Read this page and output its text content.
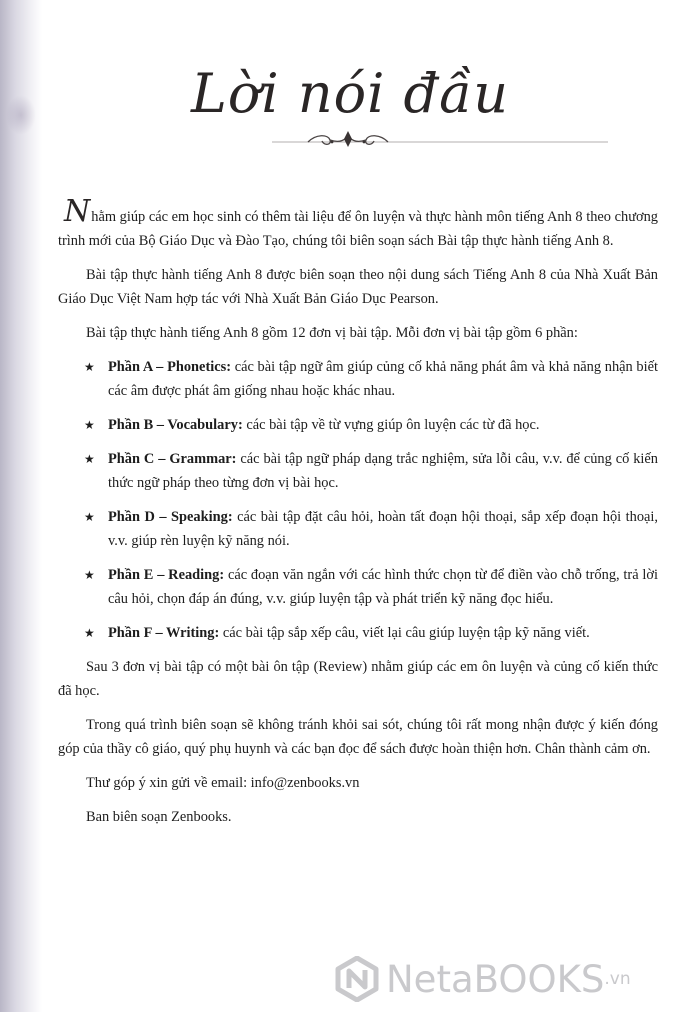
Lời nói đầu

Nhằm giúp các em học sinh có thêm tài liệu để ôn luyện và thực hành môn tiếng Anh 8 theo chương trình mới của Bộ Giáo Dục và Đào Tạo, chúng tôi biên soạn sách Bài tập thực hành tiếng Anh 8.

Bài tập thực hành tiếng Anh 8 được biên soạn theo nội dung sách Tiếng Anh 8 của Nhà Xuất Bản Giáo Dục Việt Nam hợp tác với Nhà Xuất Bản Giáo Dục Pearson.

Bài tập thực hành tiếng Anh 8 gồm 12 đơn vị bài tập. Mỗi đơn vị bài tập gồm 6 phần:

★ Phần A – Phonetics: các bài tập ngữ âm giúp củng cố khả năng phát âm và khả năng nhận biết các âm được phát âm giống nhau hoặc khác nhau.
★ Phần B – Vocabulary: các bài tập về từ vựng giúp ôn luyện các từ đã học.
★ Phần C – Grammar: các bài tập ngữ pháp dạng trắc nghiệm, sửa lỗi câu, v.v. để củng cố kiến thức ngữ pháp theo từng đơn vị bài học.
★ Phần D – Speaking: các bài tập đặt câu hỏi, hoàn tất đoạn hội thoại, sắp xếp đoạn hội thoại, v.v. giúp rèn luyện kỹ năng nói.
★ Phần E – Reading: các đoạn văn ngắn với các hình thức chọn từ để điền vào chỗ trống, trả lời câu hỏi, chọn đáp án đúng, v.v. giúp luyện tập và phát triển kỹ năng đọc hiểu.
★ Phần F – Writing: các bài tập sắp xếp câu, viết lại câu giúp luyện tập kỹ năng viết.

Sau 3 đơn vị bài tập có một bài ôn tập (Review) nhằm giúp các em ôn luyện và củng cố kiến thức đã học.

Trong quá trình biên soạn sẽ không tránh khỏi sai sót, chúng tôi rất mong nhận được ý kiến đóng góp của thầy cô giáo, quý phụ huynh và các bạn đọc để sách được hoàn thiện hơn. Chân thành cảm ơn.

Thư góp ý xin gửi về email: info@zenbooks.vn

Ban biên soạn Zenbooks.

NetaBOOKS .vn
